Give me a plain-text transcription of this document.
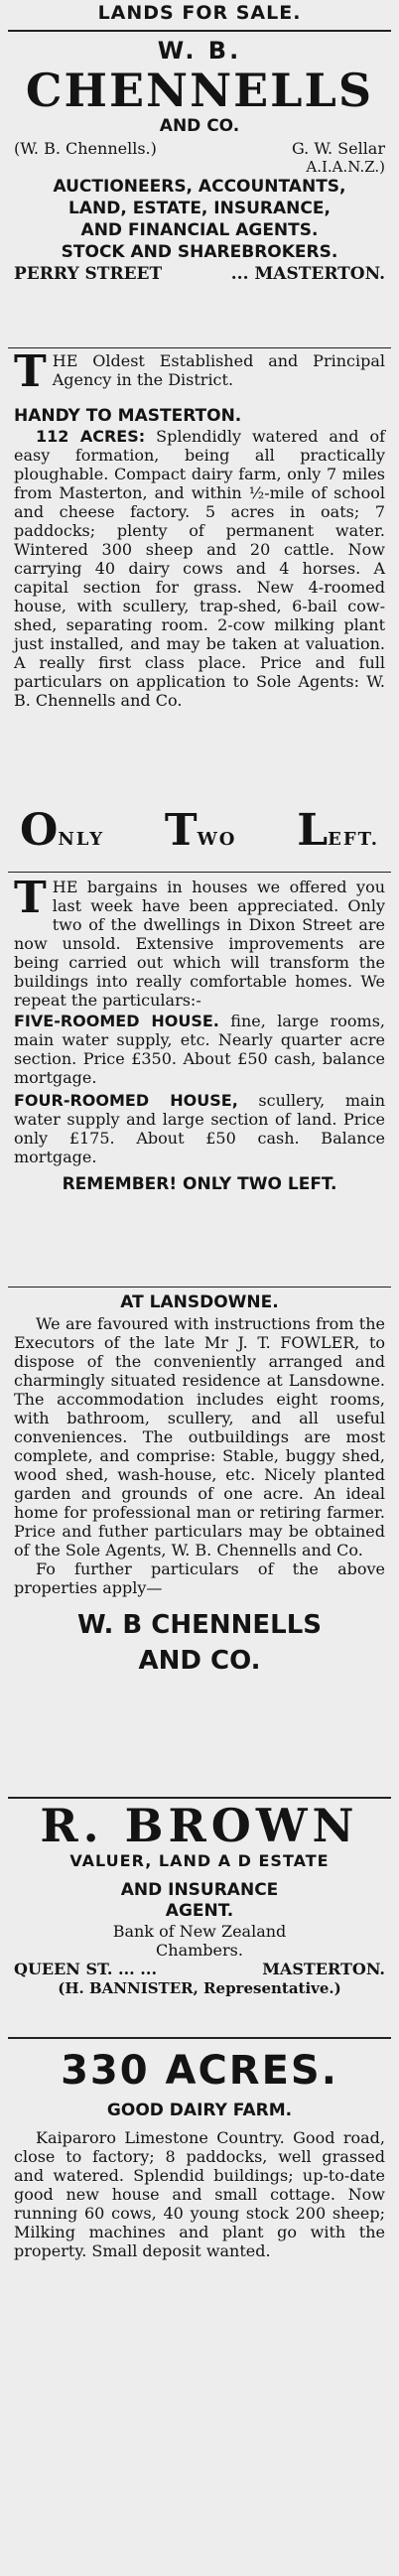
LANDS FOR SALE.
W. B.
CHENNELLS
AND CO.
(W. B. Chennells.)	G. W. Sellar
A.I.A.N.Z.)
AUCTIONEERS, ACCOUNTANTS,
LAND, ESTATE, INSURANCE,
AND FINANCIAL AGENTS.
STOCK AND SHAREBROKERS.
PERRY STREET	... MASTERTON.

THE Oldest Established and Principal Agency in the District.

HANDY TO MASTERTON.

112 ACRES: Splendidly watered and of easy formation, being all practically ploughable. Compact dairy farm, only 7 miles from Masterton, and within ½-mile of school and cheese factory. 5 acres in oats; 7 paddocks; plenty of permanent water. Wintered 300 sheep and 20 cattle. Now carrying 40 dairy cows and 4 horses. A capital section for grass. New 4-roomed house, with scullery, trap-shed, 6-bail cow-shed, separating room. 2-cow milking plant just installed, and may be taken at valuation. A really first class place. Price and full particulars on application to Sole Agents: W. B. Chennells and Co.

ONLY TWO LEFT.

THE bargains in houses we offered you last week have been appreciated. Only two of the dwellings in Dixon Street are now unsold. Extensive improvements are being carried out which will transform the buildings into really comfortable homes. We repeat the particulars:-

FIVE-ROOMED HOUSE. fine, large rooms, main water supply, etc. Nearly quarter acre section. Price £350. About £50 cash, balance mortgage.

FOUR-ROOMED HOUSE, scullery, main water supply and large section of land. Price only £175. About £50 cash. Balance mortgage.

REMEMBER! ONLY TWO LEFT.
AT LANSDOWNE.

We are favoured with instructions from the Executors of the late Mr J. T. FOWLER, to dispose of the conveniently arranged and charmingly situated residence at Lansdowne. The accommodation includes eight rooms, with bathroom, scullery, and all useful conveniences. The outbuildings are most complete, and comprise: Stable, buggy shed, wood shed, wash-house, etc. Nicely planted garden and grounds of one acre. An ideal home for professional man or retiring farmer. Price and futher particulars may be obtained of the Sole Agents, W. B. Chennells and Co.

Fo further particulars of the above properties apply—

W. B CHENNELLS
AND CO.
R. BROWN
VALUER, LAND A D ESTATE
AND INSURANCE
AGENT.
Bank of New Zealand
Chambers.
QUEEN ST. ... ...	MASTERTON.
(H. BANNISTER, Representative.)
330 ACRES.
GOOD DAIRY FARM.

Kaiparoro Limestone Country. Good road, close to factory; 8 paddocks, well grassed and watered. Splendid buildings; up-to-date good new house and small cottage. Now running 60 cows, 40 young stock 200 sheep; Milking machines and plant go with the property. Small deposit wanted.
